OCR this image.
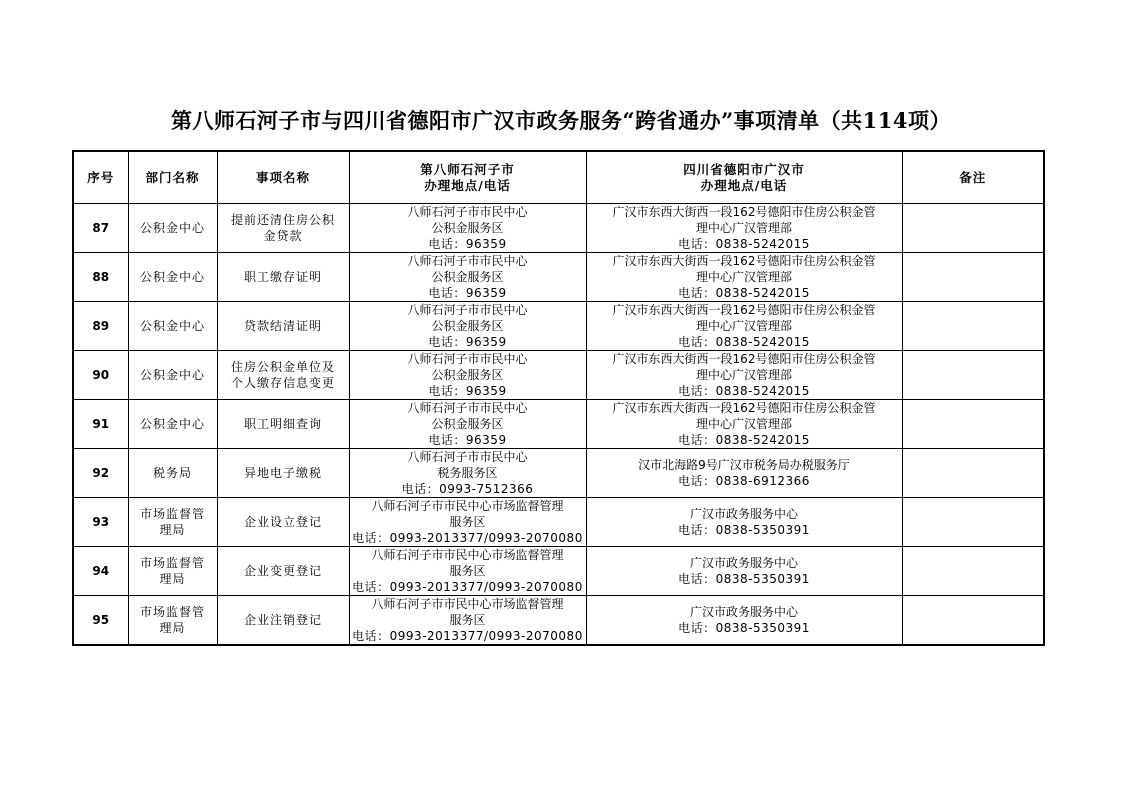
第八师石河子市与四川省德阳市广汉市政务服务“跨省通办”事项清单（共114项）
序号	部门名称	事项名称	第八师石河子市
办理地点/电话	四川省德阳市广汉市
办理地点/电话	备注
87	公积金中心	提前还清住房公积
金贷款	八师石河子市市民中心
公积金服务区
电话：96359	广汉市东西大街西一段162号德阳市住房公积金管
理中心广汉管理部
电话：0838-5242015	

88	公积金中心	职工缴存证明	八师石河子市市民中心
公积金服务区
电话：96359	广汉市东西大街西一段162号德阳市住房公积金管
理中心广汉管理部
电话：0838-5242015	

89	公积金中心	贷款结清证明	八师石河子市市民中心
公积金服务区
电话：96359	广汉市东西大街西一段162号德阳市住房公积金管
理中心广汉管理部
电话：0838-5242015	

90	公积金中心	住房公积金单位及
个人缴存信息变更	八师石河子市市民中心
公积金服务区
电话：96359	广汉市东西大街西一段162号德阳市住房公积金管
理中心广汉管理部
电话：0838-5242015	

91	公积金中心	职工明细查询	八师石河子市市民中心
公积金服务区
电话：96359	广汉市东西大街西一段162号德阳市住房公积金管
理中心广汉管理部
电话：0838-5242015	

92	税务局	异地电子缴税	八师石河子市市民中心
税务服务区
电话：0993-7512366	汉市北海路9号广汉市税务局办税服务厅
电话：0838-6912366	

93	市场监督管
理局	企业设立登记	八师石河子市市民中心市场监督管理
服务区
电话：0993-2013377/0993-2070080	广汉市政务服务中心
电话：0838-5350391	

94	市场监督管
理局	企业变更登记	八师石河子市市民中心市场监督管理
服务区
电话：0993-2013377/0993-2070080	广汉市政务服务中心
电话：0838-5350391	

95	市场监督管
理局	企业注销登记	八师石河子市市民中心市场监督管理
服务区
电话：0993-2013377/0993-2070080	广汉市政务服务中心
电话：0838-5350391	
